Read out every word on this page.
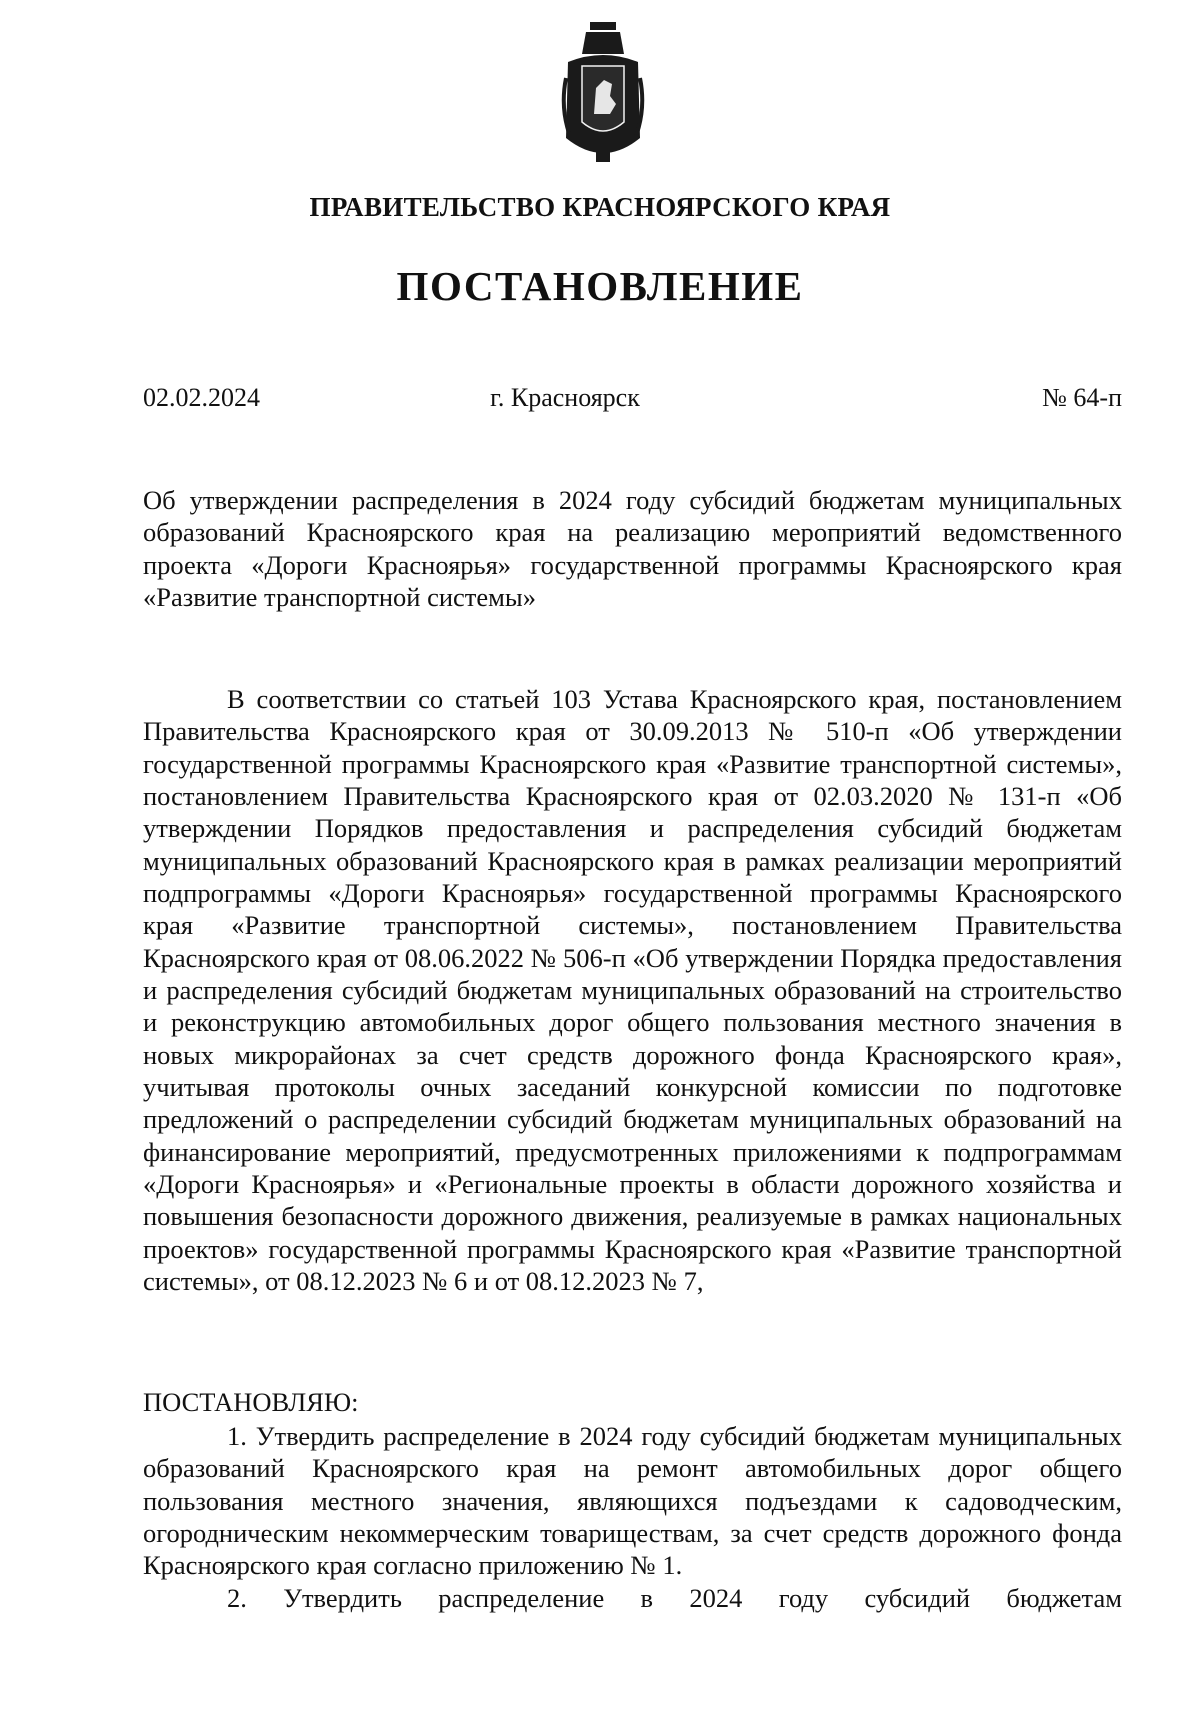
ПРАВИТЕЛЬСТВО КРАСНОЯРСКОГО КРАЯ
ПОСТАНОВЛЕНИЕ
02.02.2024	г. Красноярск	№ 64-п
Об утверждении распределения в 2024 году субсидий бюджетам муниципальных образований Красноярского края на реализацию мероприятий ведомственного проекта «Дороги Красноярья» государственной программы Красноярского края «Развитие транспортной системы»
В соответствии со статьей 103 Устава Красноярского края, постановлением Правительства Красноярского края от 30.09.2013 № 510-п «Об утверждении государственной программы Красноярского края «Развитие транспортной системы», постановлением Правительства Красноярского края от 02.03.2020 № 131-п «Об утверждении Порядков предоставления и распределения субсидий бюджетам муниципальных образований Красноярского края в рамках реализации мероприятий подпрограммы «Дороги Красноярья» государственной программы Красноярского края «Развитие транспортной системы», постановлением Правительства Красноярского края от 08.06.2022 № 506-п «Об утверждении Порядка предоставления и распределения субсидий бюджетам муниципальных образований на строительство и реконструкцию автомобильных дорог общего пользования местного значения в новых микрорайонах за счет средств дорожного фонда Красноярского края», учитывая протоколы очных заседаний конкурсной комиссии по подготовке предложений о распределении субсидий бюджетам муниципальных образований на финансирование мероприятий, предусмотренных приложениями к подпрограммам «Дороги Красноярья» и «Региональные проекты в области дорожного хозяйства и повышения безопасности дорожного движения, реализуемые в рамках национальных проектов» государственной программы Красноярского края «Развитие транспортной системы», от 08.12.2023 № 6 и от 08.12.2023 № 7,
ПОСТАНОВЛЯЮ:
1. Утвердить распределение в 2024 году субсидий бюджетам муниципальных образований Красноярского края на ремонт автомобильных дорог общего пользования местного значения, являющихся подъездами к садоводческим, огородническим некоммерческим товариществам, за счет средств дорожного фонда Красноярского края согласно приложению № 1.
2. Утвердить распределение в 2024 году субсидий бюджетам
